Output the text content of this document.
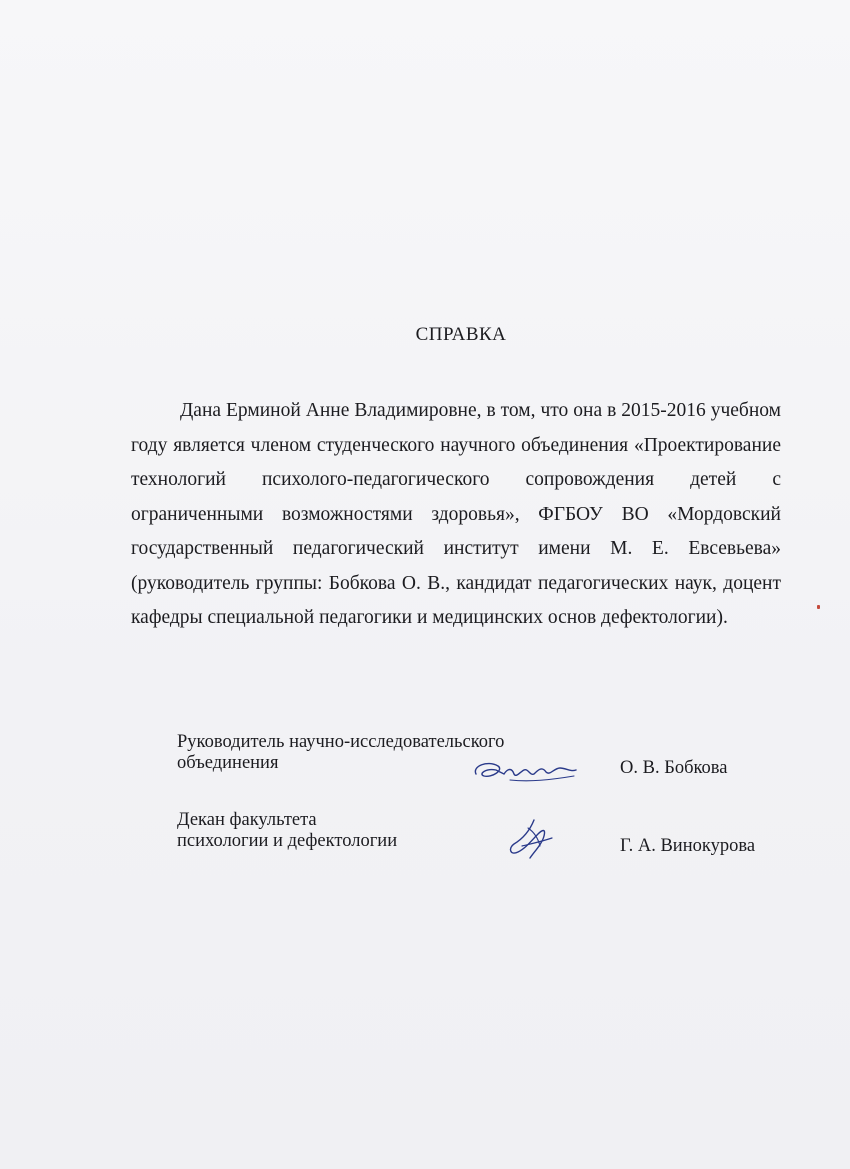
СПРАВКА

Дана Ерминой Анне Владимировне, в том, что она в 2015-2016 учебном году является членом студенческого научного объединения «Проектирование технологий психолого-педагогического сопровождения детей с ограниченными возможностями здоровья», ФГБОУ ВО «Мордовский государственный педагогический институт имени М. Е. Евсевьева» (руководитель группы: Бобкова О. В., кандидат педагогических наук, доцент кафедры специальной педагогики и медицинских основ дефектологии).

Руководитель научно-исследовательского
объединения	О. В. Бобкова
Декан факультета
психологии и дефектологии	Г. А. Винокурова
